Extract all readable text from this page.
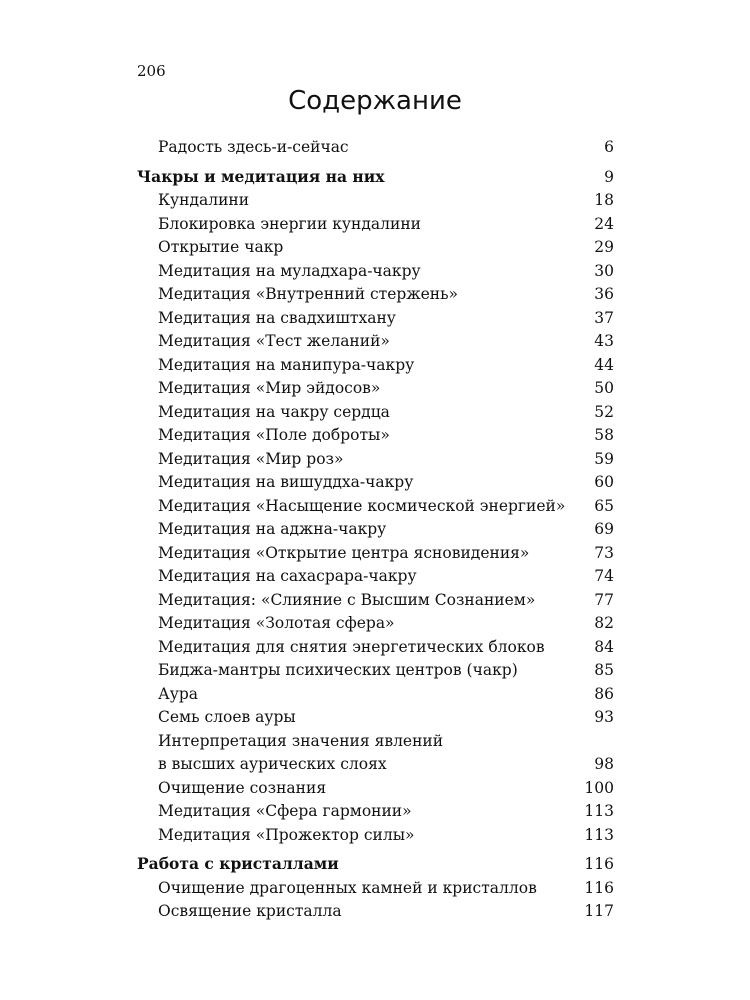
206
Содержание
Радость здесь-и-сейчас	6
Чакры и медитация на них	9
Кундалини	18
Блокировка энергии кундалини	24
Открытие чакр	29
Медитация на муладхара-чакру	30
Медитация «Внутренний стержень»	36
Медитация на свадхиштхану	37
Медитация «Тест желаний»	43
Медитация на манипура-чакру	44
Медитация «Мир эйдосов»	50
Медитация на чакру сердца	52
Медитация «Поле доброты»	58
Медитация «Мир роз»	59
Медитация на вишуддха-чакру	60
Медитация «Насыщение космической энергией»	65
Медитация на аджна-чакру	69
Медитация «Открытие центра ясновидения»	73
Медитация на сахасрара-чакру	74
Медитация: «Слияние с Высшим Сознанием»	77
Медитация «Золотая сфера»	82
Медитация для снятия энергетических блоков	84
Биджа-мантры психических центров (чакр)	85
Аура	86
Семь слоев ауры	93
Интерпретация значения явлений
в высших аурических слоях	98
Очищение сознания	100
Медитация «Сфера гармонии»	113
Медитация «Прожектор силы»	113
Работа с кристаллами	116
Очищение драгоценных камней и кристаллов	116
Освящение кристалла	117
